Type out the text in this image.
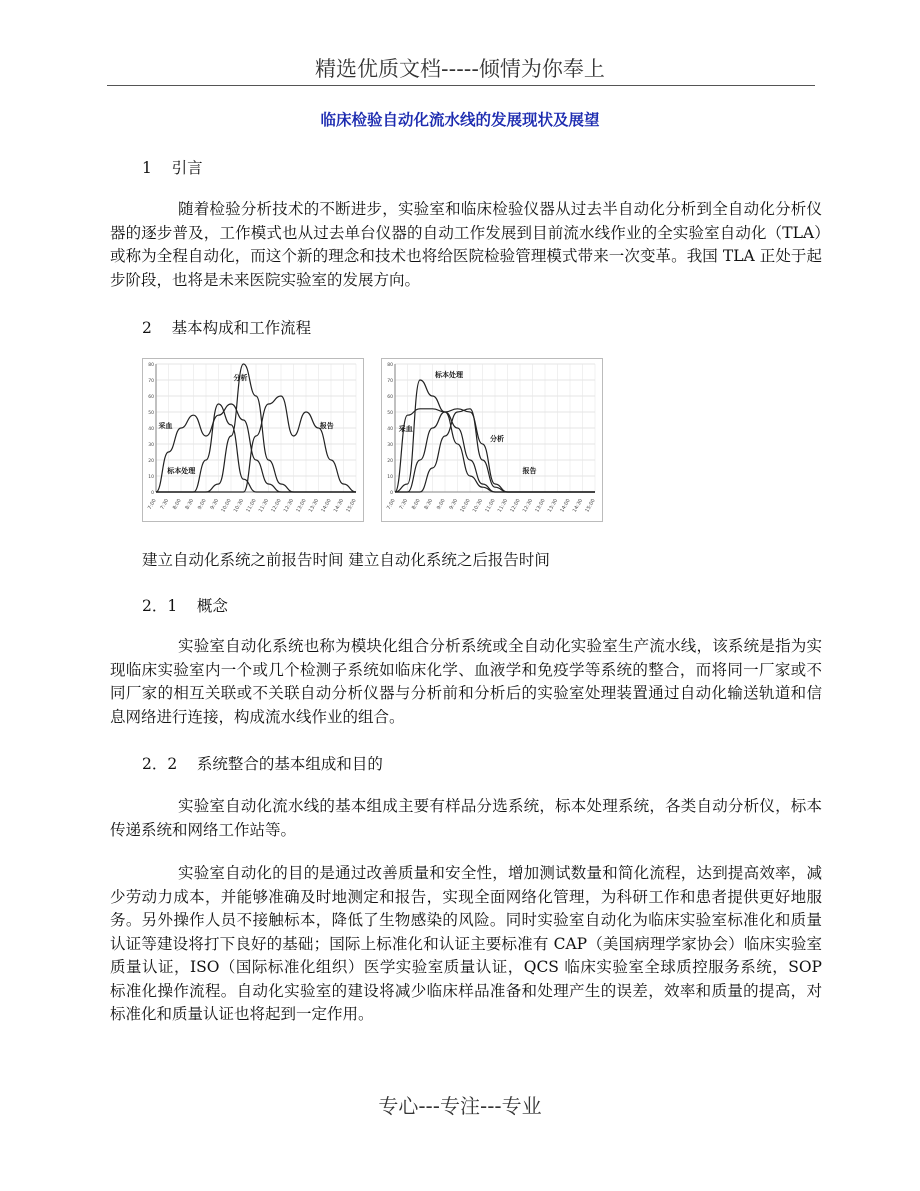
精选优质文档-----倾情为你奉上
临床检验自动化流水线的发展现状及展望
1    引言

随着检验分析技术的不断进步，实验室和临床检验仪器从过去半自动化分析到全自动化分析仪器的逐步普及，工作模式也从过去单台仪器的自动工作发展到目前流水线作业的全实验室自动化（TLA）或称为全程自动化，而这个新的理念和技术也将给医院检验管理模式带来一次变革。我国 TLA 正处于起步阶段，也将是未来医院实验室的发展方向。

2    基本构成和工作流程
0
10
20
30
40
50
60
70
80
7:00 7:30 8:00 8:30 9:00 9:30 10:00 10:30 11:00 11:30 12:00 12:30 13:00 13:30 14:00 14:30 15:00
采血
标本处理
分析
报告
0
10
20
30
40
50
60
70
80
7:00 7:30 8:00 8:30 9:00 9:30 10:00 10:30 11:00 11:30 12:00 12:30 13:00 13:30 14:00 14:30 15:00
标本处理
采血
分析
报告
建立自动化系统之前报告时间 建立自动化系统之后报告时间
2．1    概念

实验室自动化系统也称为模块化组合分析系统或全自动化实验室生产流水线，该系统是指为实现临床实验室内一个或几个检测子系统如临床化学、血液学和免疫学等系统的整合，而将同一厂家或不同厂家的相互关联或不关联自动分析仪器与分析前和分析后的实验室处理装置通过自动化输送轨道和信息网络进行连接，构成流水线作业的组合。

2．2    系统整合的基本组成和目的

实验室自动化流水线的基本组成主要有样品分选系统，标本处理系统，各类自动分析仪，标本传递系统和网络工作站等。

实验室自动化的目的是通过改善质量和安全性，增加测试数量和简化流程，达到提高效率，减少劳动力成本，并能够准确及时地测定和报告，实现全面网络化管理，为科研工作和患者提供更好地服务。另外操作人员不接触标本，降低了生物感染的风险。同时实验室自动化为临床实验室标准化和质量认证等建设将打下良好的基础；国际上标准化和认证主要标准有 CAP（美国病理学家协会）临床实验室质量认证，ISO（国际标准化组织）医学实验室质量认证，QCS 临床实验室全球质控服务系统，SOP 标准化操作流程。自动化实验室的建设将减少临床样品准备和处理产生的误差，效率和质量的提高，对标准化和质量认证也将起到一定作用。

专心---专注---专业
